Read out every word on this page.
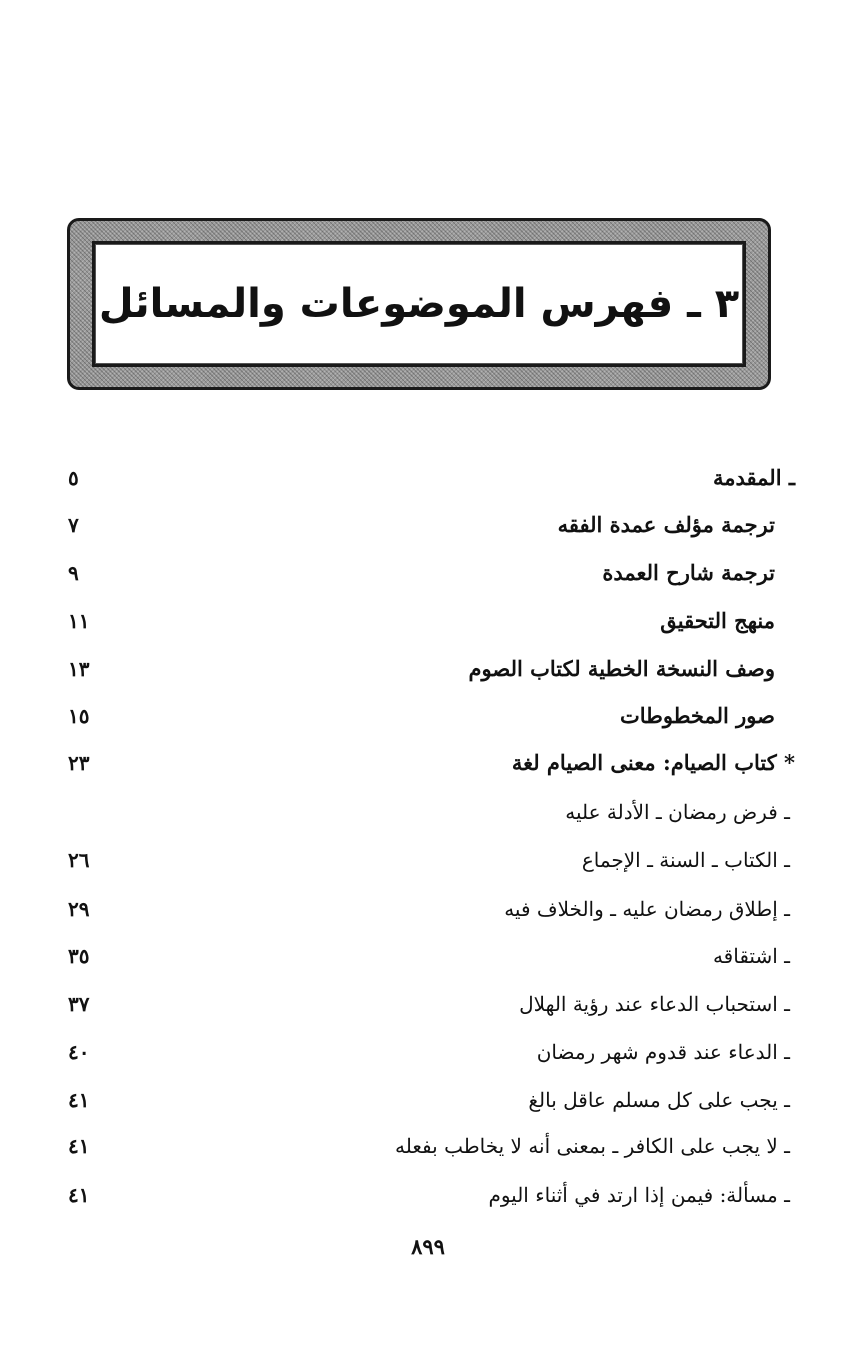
٣ ـ فهرس الموضوعات والمسائل
ـ المقدمة
٥
ترجمة مؤلف عمدة الفقه
٧
ترجمة شارح العمدة
٩
منهج التحقيق
١١
وصف النسخة الخطية لكتاب الصوم
١٣
صور المخطوطات
١٥
* كتاب الصيام: معنى الصيام لغة
٢٣
ـ فرض رمضان ـ الأدلة عليه
ـ الكتاب ـ السنة ـ الإجماع
٢٦
ـ إطلاق رمضان عليه ـ والخلاف فيه
٢٩
ـ اشتقاقه
٣٥
ـ استحباب الدعاء عند رؤية الهلال
٣٧
ـ الدعاء عند قدوم شهر رمضان
٤٠
ـ يجب على كل مسلم عاقل بالغ
٤١
ـ لا يجب على الكافر ـ بمعنى أنه لا يخاطب بفعله
٤١
ـ مسألة: فيمن إذا ارتد في أثناء اليوم
٤١
٨٩٩
